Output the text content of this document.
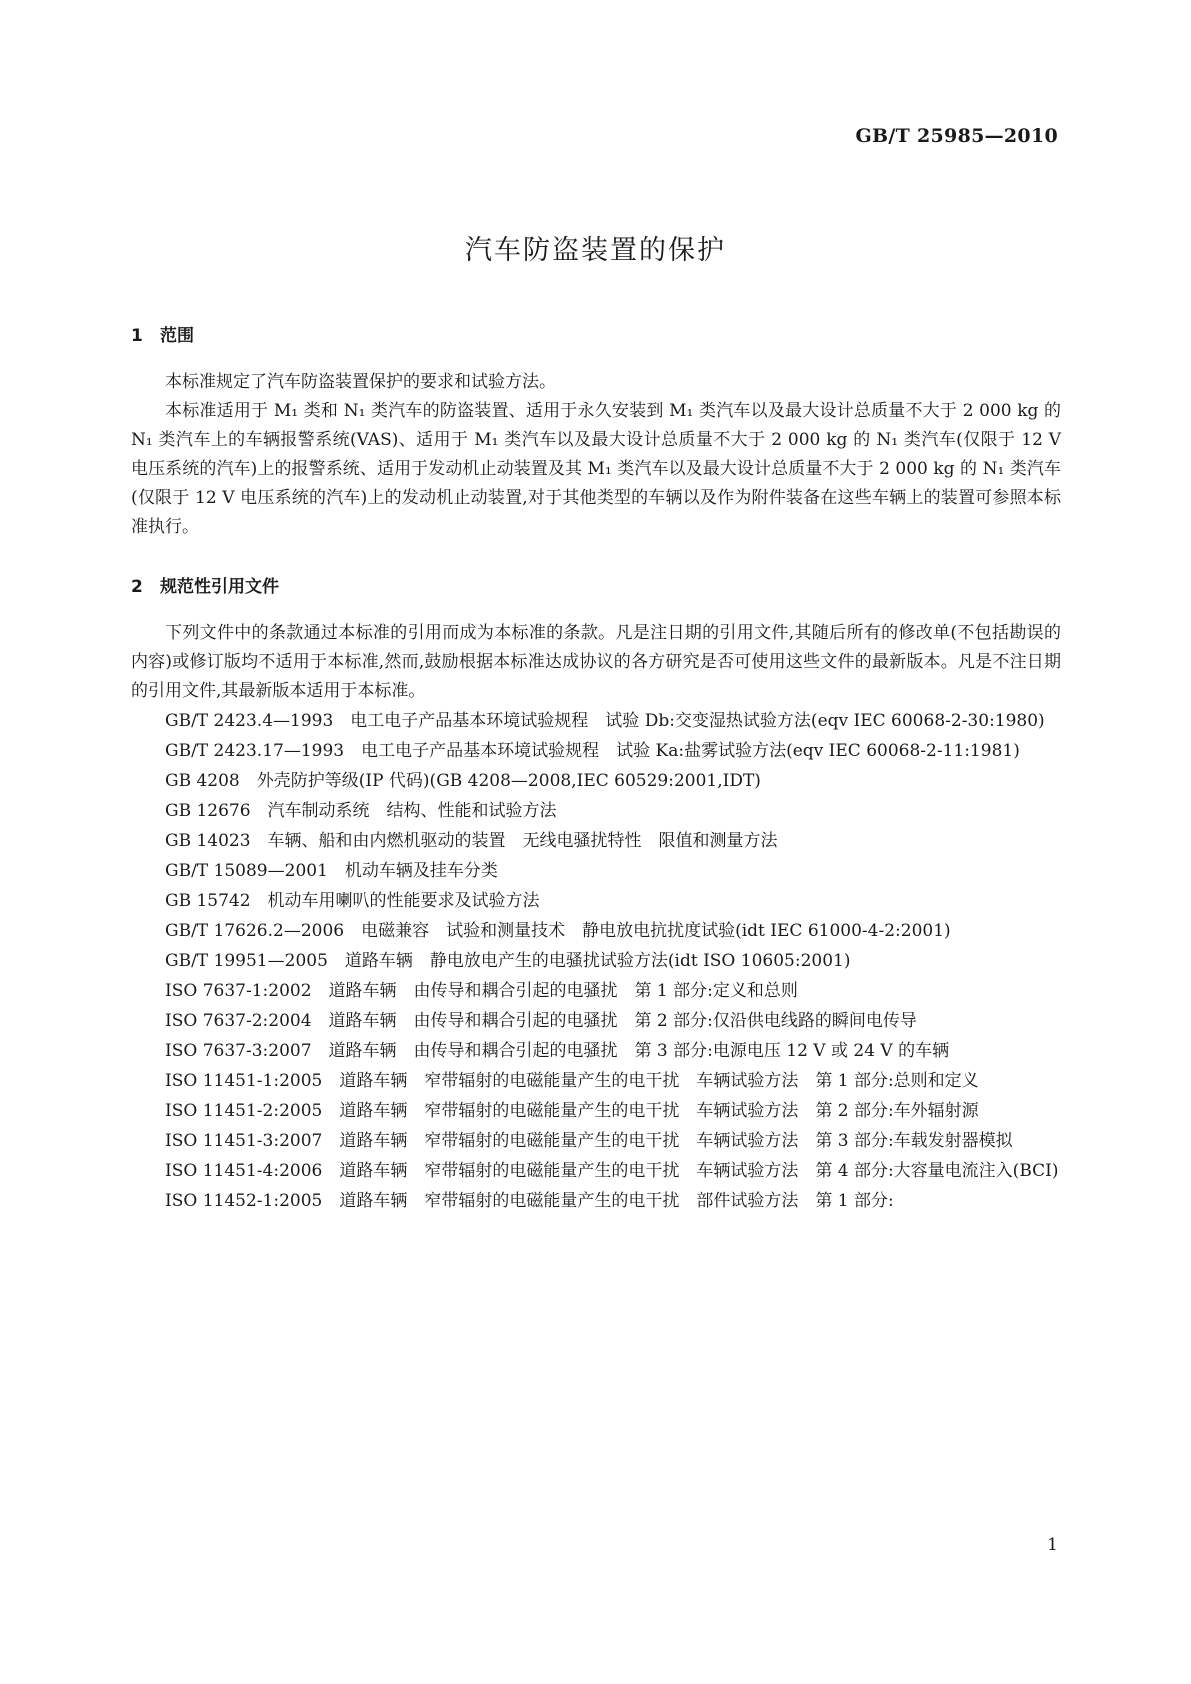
GB/T 25985—2010
汽车防盗装置的保护
1 范围

本标准规定了汽车防盗装置保护的要求和试验方法。

本标准适用于 M₁ 类和 N₁ 类汽车的防盗装置、适用于永久安装到 M₁ 类汽车以及最大设计总质量不大于 2 000 kg 的 N₁ 类汽车上的车辆报警系统(VAS)、适用于 M₁ 类汽车以及最大设计总质量不大于 2 000 kg 的 N₁ 类汽车(仅限于 12 V 电压系统的汽车)上的报警系统、适用于发动机止动装置及其 M₁ 类汽车以及最大设计总质量不大于 2 000 kg 的 N₁ 类汽车(仅限于 12 V 电压系统的汽车)上的发动机止动装置,对于其他类型的车辆以及作为附件装备在这些车辆上的装置可参照本标准执行。

2 规范性引用文件

下列文件中的条款通过本标准的引用而成为本标准的条款。凡是注日期的引用文件,其随后所有的修改单(不包括勘误的内容)或修订版均不适用于本标准,然而,鼓励根据本标准达成协议的各方研究是否可使用这些文件的最新版本。凡是不注日期的引用文件,其最新版本适用于本标准。

GB/T 2423.4—1993　电工电子产品基本环境试验规程　试验 Db:交变湿热试验方法(eqv IEC 60068-2-30:1980)

GB/T 2423.17—1993　电工电子产品基本环境试验规程　试验 Ka:盐雾试验方法(eqv IEC 60068-2-11:1981)

GB 4208　外壳防护等级(IP 代码)(GB 4208—2008,IEC 60529:2001,IDT)

GB 12676　汽车制动系统　结构、性能和试验方法

GB 14023　车辆、船和由内燃机驱动的装置　无线电骚扰特性　限值和测量方法

GB/T 15089—2001　机动车辆及挂车分类

GB 15742　机动车用喇叭的性能要求及试验方法

GB/T 17626.2—2006　电磁兼容　试验和测量技术　静电放电抗扰度试验(idt IEC 61000-4-2:2001)

GB/T 19951—2005　道路车辆　静电放电产生的电骚扰试验方法(idt ISO 10605:2001)

ISO 7637-1:2002　道路车辆　由传导和耦合引起的电骚扰　第 1 部分:定义和总则

ISO 7637-2:2004　道路车辆　由传导和耦合引起的电骚扰　第 2 部分:仅沿供电线路的瞬间电传导

ISO 7637-3:2007　道路车辆　由传导和耦合引起的电骚扰　第 3 部分:电源电压 12 V 或 24 V 的车辆

ISO 11451-1:2005　道路车辆　窄带辐射的电磁能量产生的电干扰　车辆试验方法　第 1 部分:总则和定义

ISO 11451-2:2005　道路车辆　窄带辐射的电磁能量产生的电干扰　车辆试验方法　第 2 部分:车外辐射源

ISO 11451-3:2007　道路车辆　窄带辐射的电磁能量产生的电干扰　车辆试验方法　第 3 部分:车载发射器模拟

ISO 11451-4:2006　道路车辆　窄带辐射的电磁能量产生的电干扰　车辆试验方法　第 4 部分:大容量电流注入(BCI)

ISO 11452-1:2005　道路车辆　窄带辐射的电磁能量产生的电干扰　部件试验方法　第 1 部分:

1
